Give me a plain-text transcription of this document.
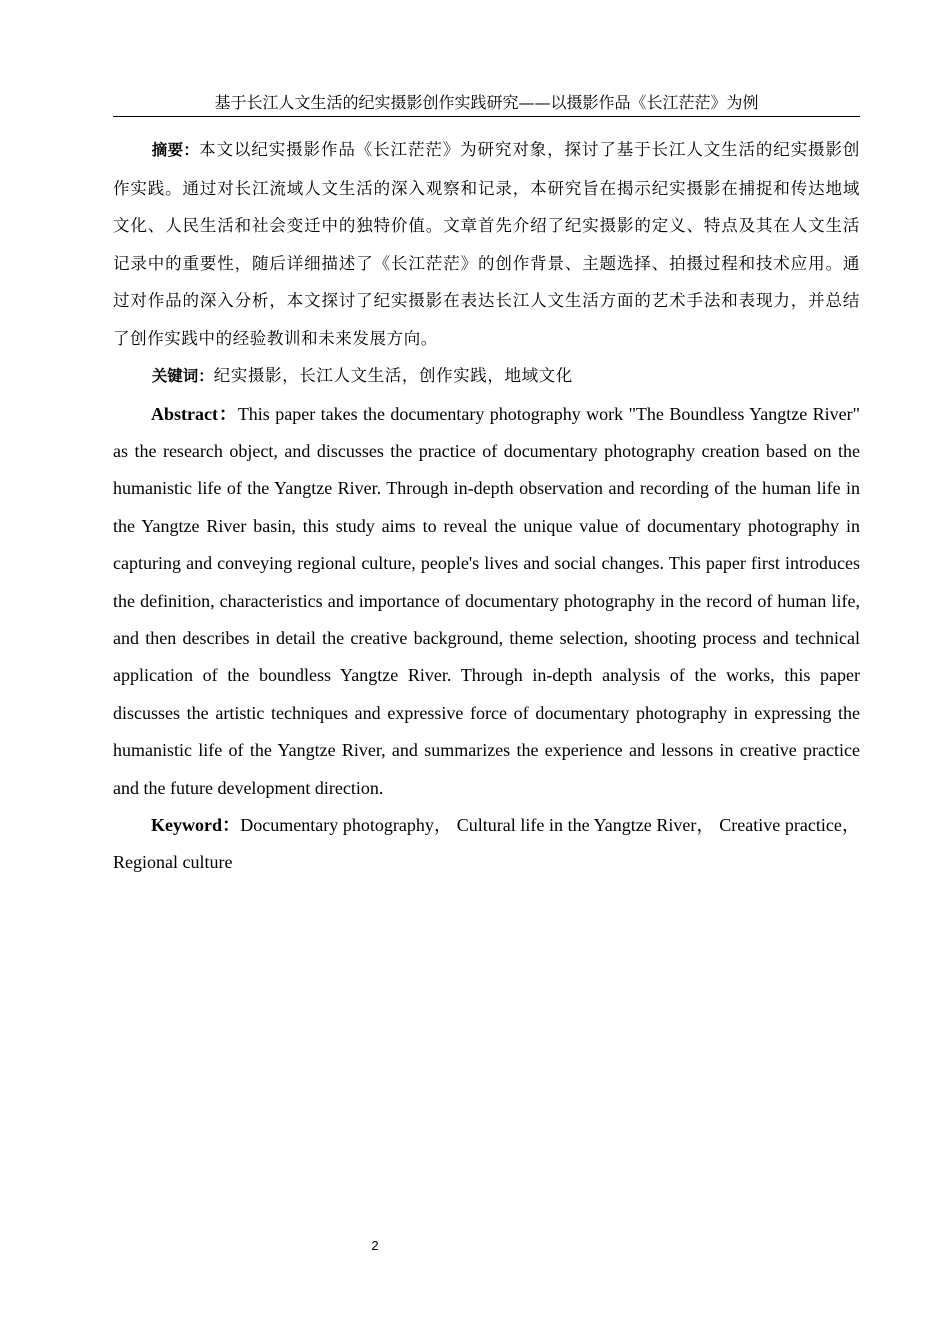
基于长江人文生活的纪实摄影创作实践研究——以摄影作品《长江茫茫》为例

摘要：本文以纪实摄影作品《长江茫茫》为研究对象，探讨了基于长江人文生活的纪实摄影创作实践。通过对长江流域人文生活的深入观察和记录，本研究旨在揭示纪实摄影在捕捉和传达地域文化、人民生活和社会变迁中的独特价值。文章首先介绍了纪实摄影的定义、特点及其在人文生活记录中的重要性，随后详细描述了《长江茫茫》的创作背景、主题选择、拍摄过程和技术应用。通过对作品的深入分析，本文探讨了纪实摄影在表达长江人文生活方面的艺术手法和表现力，并总结了创作实践中的经验教训和未来发展方向。

关键词：纪实摄影，长江人文生活，创作实践，地域文化

Abstract：This paper takes the documentary photography work "The Boundless Yangtze River" as the research object, and discusses the practice of documentary photography creation based on the humanistic life of the Yangtze River. Through in-depth observation and recording of the human life in the Yangtze River basin, this study aims to reveal the unique value of documentary photography in capturing and conveying regional culture, people's lives and social changes. This paper first introduces the definition, characteristics and importance of documentary photography in the record of human life, and then describes in detail the creative background, theme selection, shooting process and technical application of the boundless Yangtze River. Through in-depth analysis of the works, this paper discusses the artistic techniques and expressive force of documentary photography in expressing the humanistic life of the Yangtze River, and summarizes the experience and lessons in creative practice and the future development direction.

Keyword：Documentary photography， Cultural life in the Yangtze River， Creative practice，Regional culture

2
